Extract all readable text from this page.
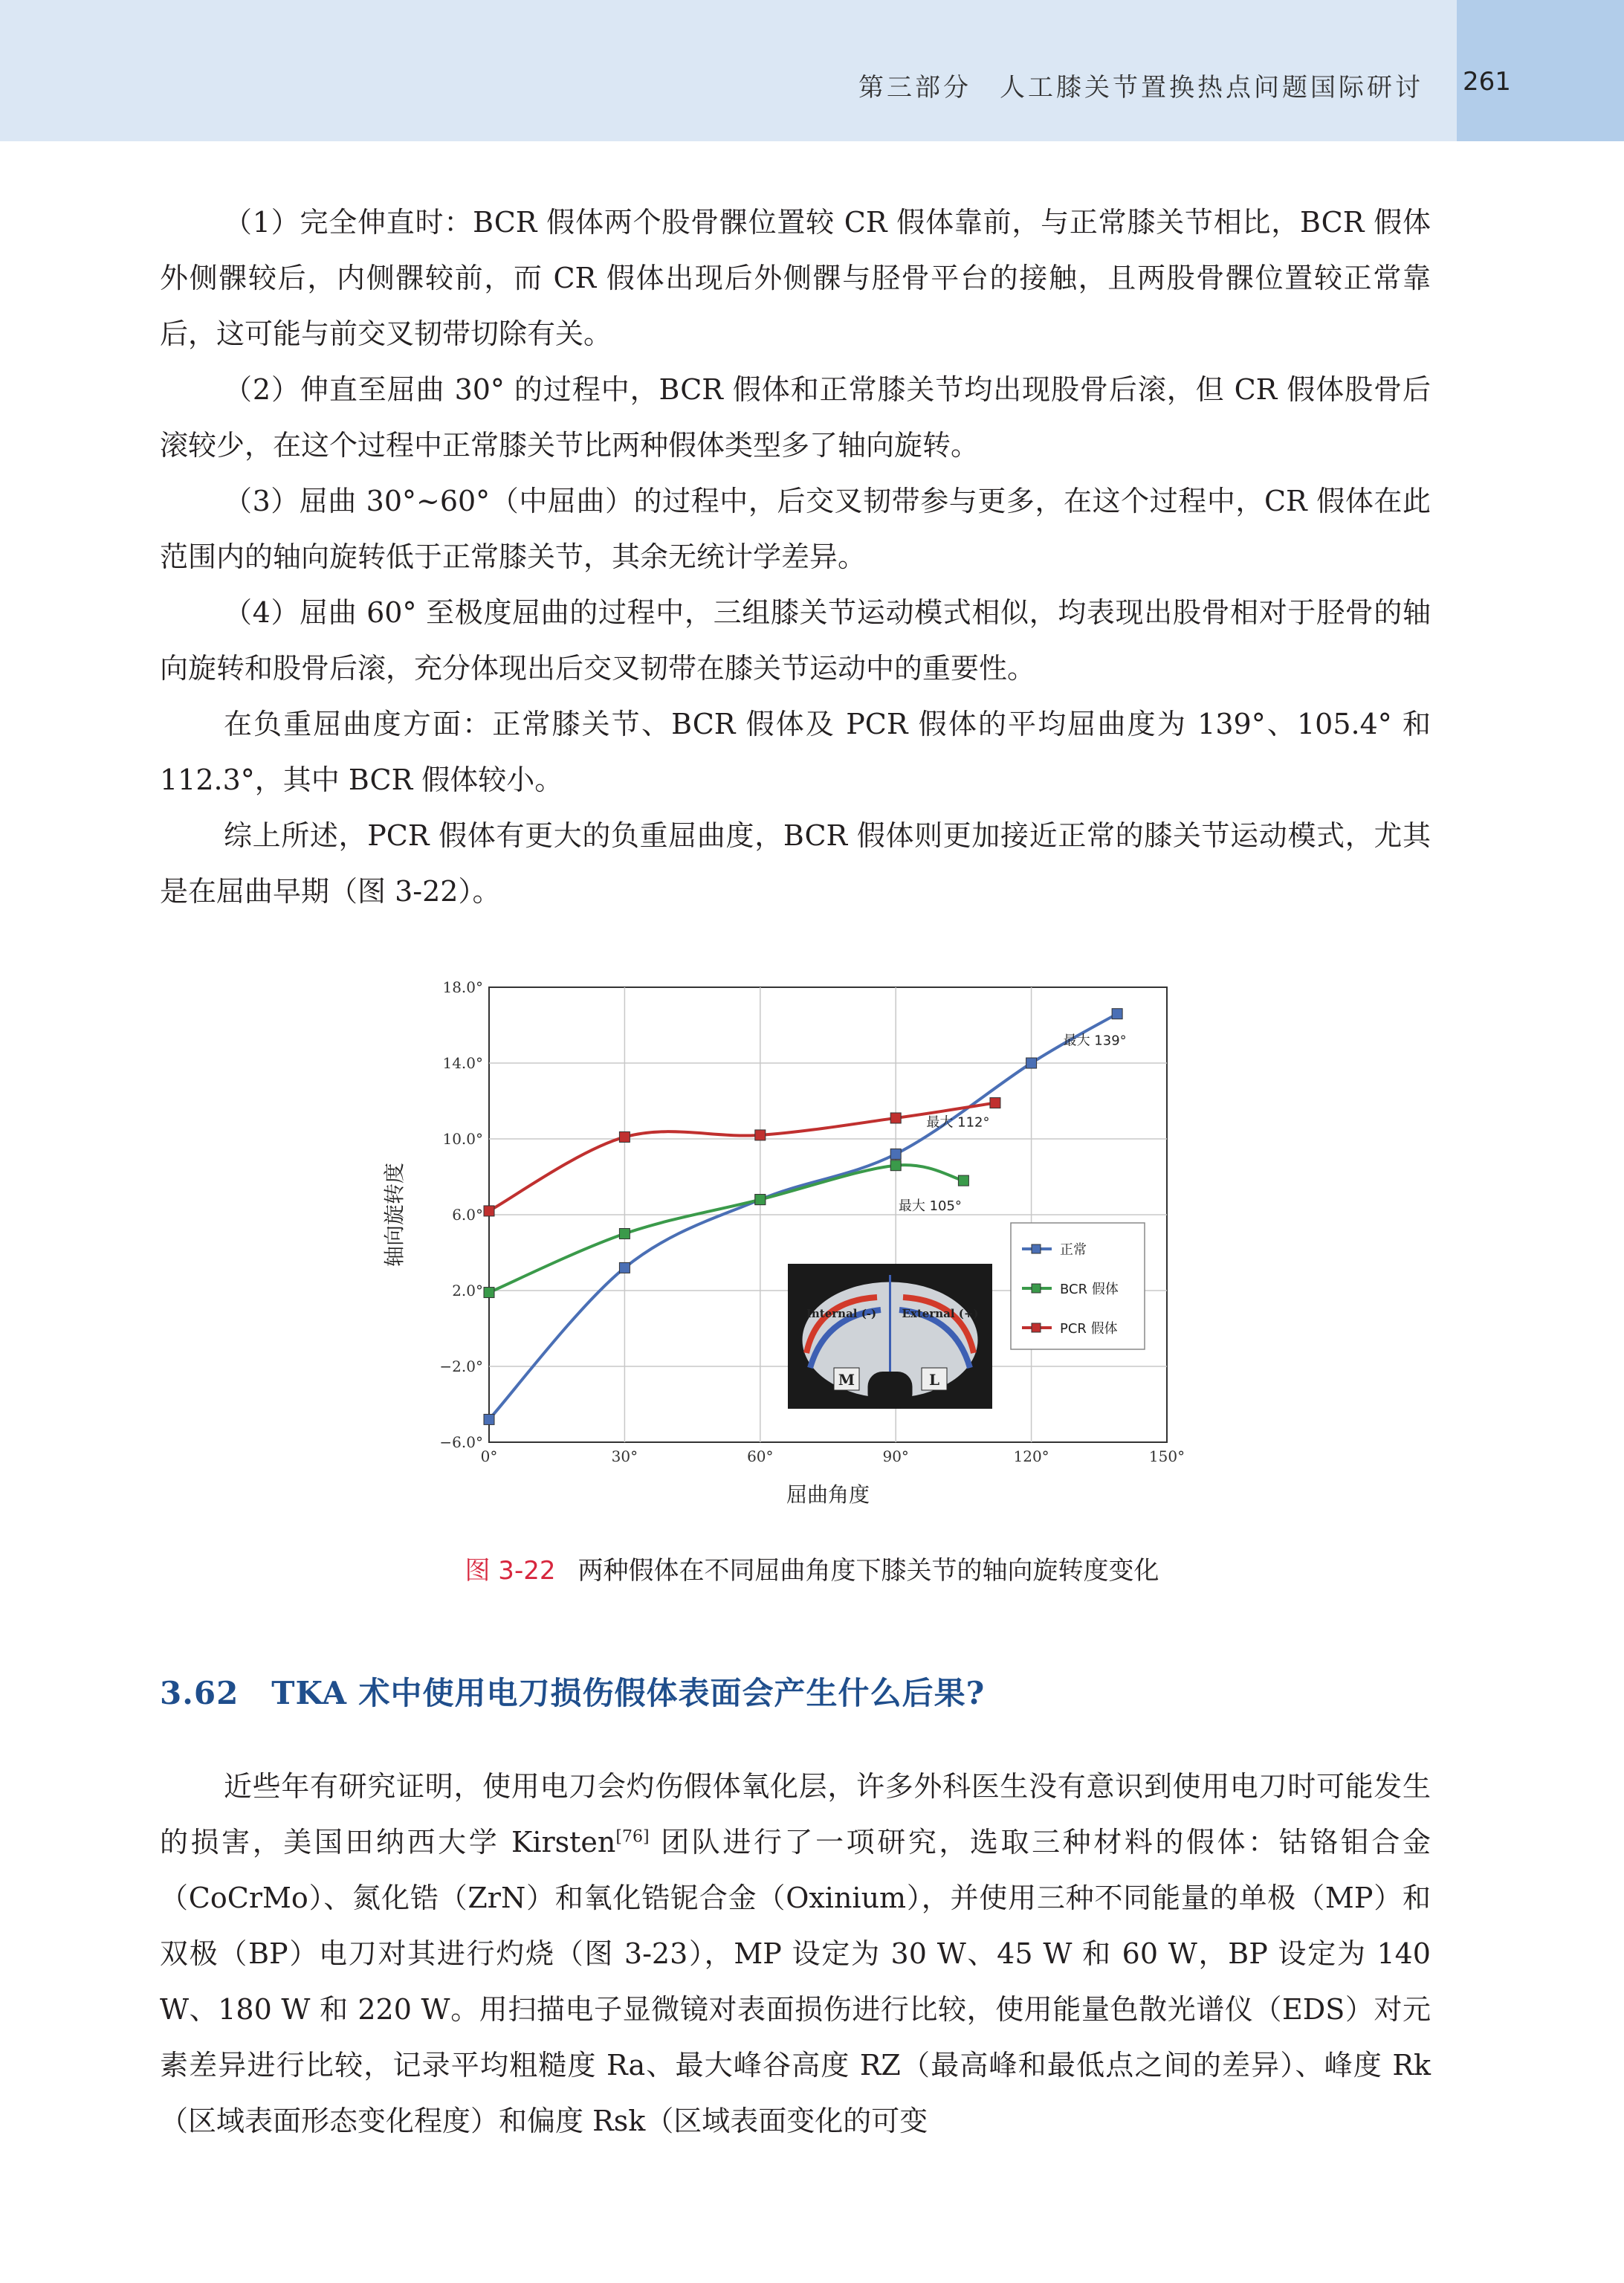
第三部分　人工膝关节置换热点问题国际研讨 261

（1）完全伸直时：BCR 假体两个股骨髁位置较 CR 假体靠前，与正常膝关节相比，BCR 假体外侧髁较后，内侧髁较前，而 CR 假体出现后外侧髁与胫骨平台的接触，且两股骨髁位置较正常靠后，这可能与前交叉韧带切除有关。

（2）伸直至屈曲 30° 的过程中，BCR 假体和正常膝关节均出现股骨后滚，但 CR 假体股骨后滚较少，在这个过程中正常膝关节比两种假体类型多了轴向旋转。

（3）屈曲 30°~60°（中屈曲）的过程中，后交叉韧带参与更多，在这个过程中，CR 假体在此范围内的轴向旋转低于正常膝关节，其余无统计学差异。

（4）屈曲 60° 至极度屈曲的过程中，三组膝关节运动模式相似，均表现出股骨相对于胫骨的轴向旋转和股骨后滚，充分体现出后交叉韧带在膝关节运动中的重要性。

在负重屈曲度方面：正常膝关节、BCR 假体及 PCR 假体的平均屈曲度为 139°、105.4° 和 112.3°，其中 BCR 假体较小。

综上所述，PCR 假体有更大的负重屈曲度，BCR 假体则更加接近正常的膝关节运动模式，尤其是在屈曲早期（图 3-22）。

0°	30°	60°	90°	120°	150°
18.0°
14.0°
10.0°
6.0°
2.0°
−2.0°
−6.0°
屈曲角度
轴向旋转度
Internal (-) External (+)
M	L
最大 139°
最大 105°
最大 112°
正常
BCR 假体
PCR 假体
图 3-22 两种假体在不同屈曲角度下膝关节的轴向旋转度变化
3.62 TKA 术中使用电刀损伤假体表面会产生什么后果?

近些年有研究证明，使用电刀会灼伤假体氧化层，许多外科医生没有意识到使用电刀时可能发生的损害，美国田纳西大学 Kirsten[76] 团队进行了一项研究，选取三种材料的假体：钴铬钼合金（CoCrMo）、氮化锆（ZrN）和氧化锆铌合金（Oxinium），并使用三种不同能量的单极（MP）和双极（BP）电刀对其进行灼烧（图 3-23），MP 设定为 30 W、45 W 和 60 W，BP 设定为 140 W、180 W 和 220 W。用扫描电子显微镜对表面损伤进行比较，使用能量色散光谱仪（EDS）对元素差异进行比较，记录平均粗糙度 Ra、最大峰谷高度 RZ（最高峰和最低点之间的差异）、峰度 Rk（区域表面形态变化程度）和偏度 Rsk（区域表面变化的可变
